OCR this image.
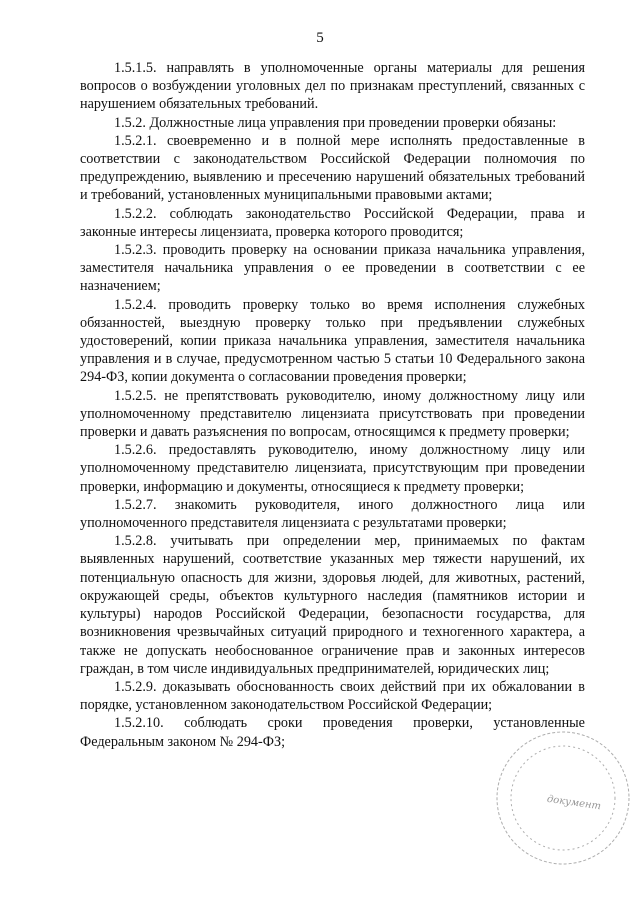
5

1.5.1.5. направлять в уполномоченные органы материалы для решения вопросов о возбуждении уголовных дел по признакам преступлений, связанных с нарушением обязательных требований.

1.5.2. Должностные лица управления при проведении проверки обязаны:

1.5.2.1. своевременно и в полной мере исполнять предоставленные в соответствии с законодательством Российской Федерации полномочия по предупреждению, выявлению и пресечению нарушений обязательных требований и требований, установленных муниципальными правовыми актами;

1.5.2.2. соблюдать законодательство Российской Федерации, права и законные интересы лицензиата, проверка которого проводится;

1.5.2.3. проводить проверку на основании приказа начальника управления, заместителя начальника управления о ее проведении в соответствии с ее назначением;

1.5.2.4. проводить проверку только во время исполнения служебных обязанностей, выездную проверку только при предъявлении служебных удостоверений, копии приказа начальника управления, заместителя начальника управления и в случае, предусмотренном частью 5 статьи 10 Федерального закона 294-ФЗ, копии документа о согласовании проведения проверки;

1.5.2.5. не препятствовать руководителю, иному должностному лицу или уполномоченному представителю лицензиата присутствовать при проведении проверки и давать разъяснения по вопросам, относящимся к предмету проверки;

1.5.2.6. предоставлять руководителю, иному должностному лицу или уполномоченному представителю лицензиата, присутствующим при проведении проверки, информацию и документы, относящиеся к предмету проверки;

1.5.2.7. знакомить руководителя, иного должностного лица или уполномоченного представителя лицензиата с результатами проверки;

1.5.2.8. учитывать при определении мер, принимаемых по фактам выявленных нарушений, соответствие указанных мер тяжести нарушений, их потенциальную опасность для жизни, здоровья людей, для животных, растений, окружающей среды, объектов культурного наследия (памятников истории и культуры) народов Российской Федерации, безопасности государства, для возникновения чрезвычайных ситуаций природного и техногенного характера, а также не допускать необоснованное ограничение прав и законных интересов граждан, в том числе индивидуальных предпринимателей, юридических лиц;

1.5.2.9. доказывать обоснованность своих действий при их обжаловании в порядке, установленном законодательством Российской Федерации;

1.5.2.10. соблюдать сроки проведения проверки, установленные Федеральным законом № 294-ФЗ;

документ
